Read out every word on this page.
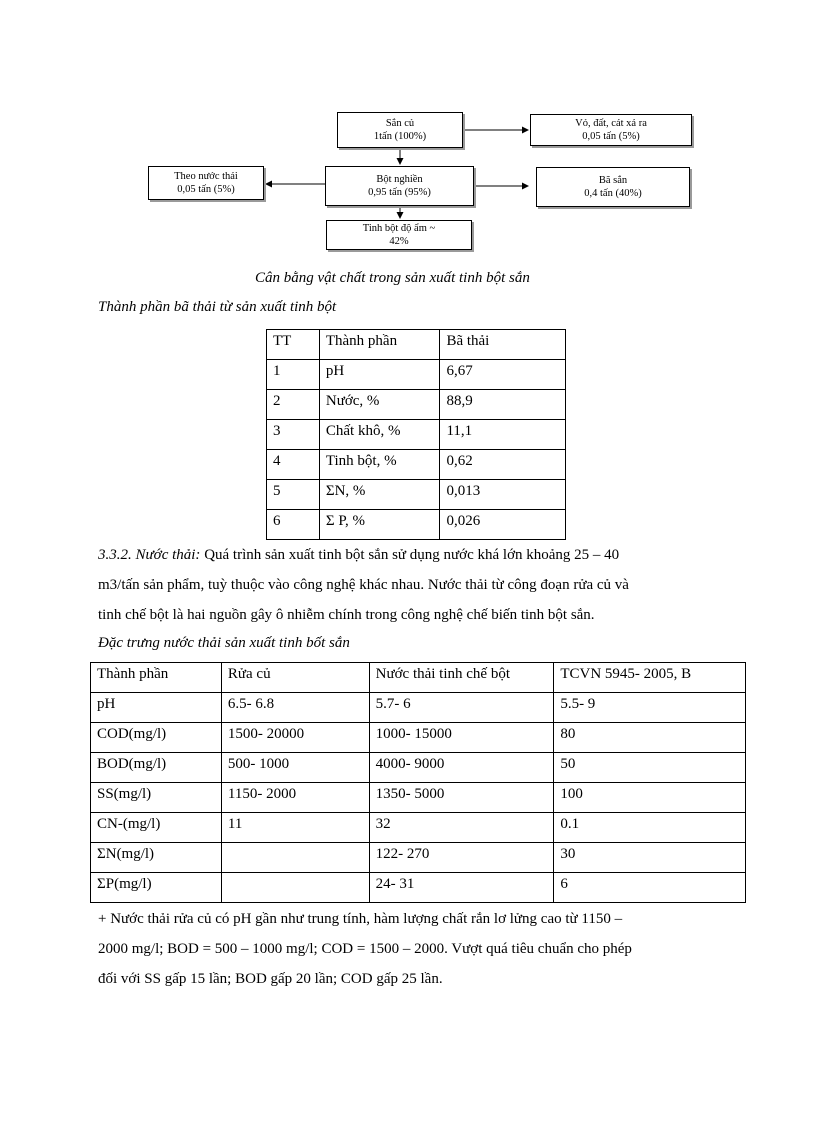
Sắn củ
1tấn (100%)
Vỏ, đất, cát xả ra
0,05 tấn (5%)
Theo nước thải
0,05 tấn (5%)
Bột nghiền
0,95 tấn (95%)
Bã sắn
0,4 tấn (40%)
Tinh bột độ ẩm ~
42%
Cân bằng vật chất trong sản xuất tinh bột sắn
Thành phần bã thải từ sản xuất tinh bột
TT	Thành phần	Bã thải
1	pH	6,67
2	Nước, %	88,9
3	Chất khô, %	11,1
4	Tinh bột, %	0,62
5	ΣN, %	0,013
6	Σ P, %	0,026
3.3.2. Nước thải: Quá trình sản xuất tinh bột sắn sử dụng nước khá lớn khoảng 25 – 40
m3/tấn sản phẩm, tuỳ thuộc vào công nghệ khác nhau. Nước thải từ công đoạn rửa củ và
tinh chế bột là hai nguồn gây ô nhiễm chính trong công nghệ chế biến tinh bột sắn.
Đặc trưng nước thải sản xuất tinh bốt sắn
Thành phần	Rửa củ	Nước thải tinh chế bột	TCVN 5945- 2005, B
pH	6.5- 6.8	5.7- 6	5.5- 9
COD(mg/l)	1500- 20000	1000- 15000	80
BOD(mg/l)	500- 1000	4000- 9000	50
SS(mg/l)	1150- 2000	1350- 5000	100
CN-(mg/l)	11	32	0.1
ΣN(mg/l)		122- 270	30
ΣP(mg/l)		24- 31	6
+ Nước thải rửa củ có pH gần như trung tính, hàm lượng chất rắn lơ lửng cao từ 1150 –
2000 mg/l; BOD = 500 – 1000 mg/l; COD = 1500 – 2000. Vượt quá tiêu chuẩn cho phép
đối với SS gấp 15 lần; BOD gấp 20 lần; COD gấp 25 lần.
